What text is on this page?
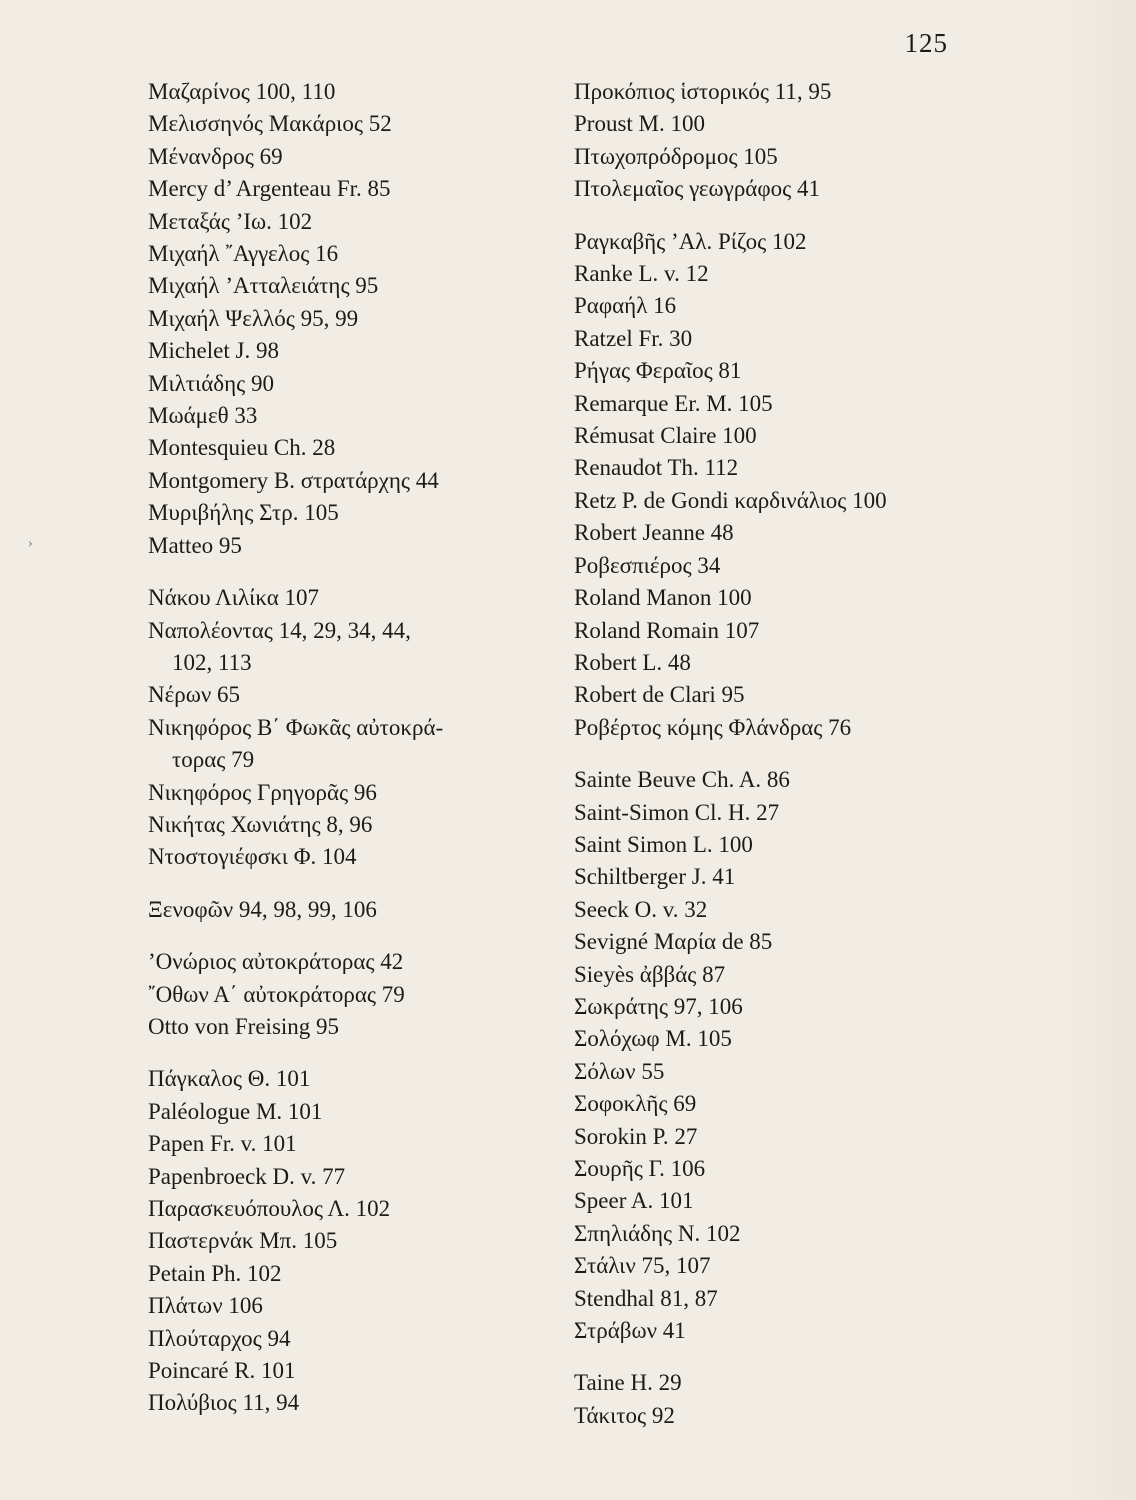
125
›
Μαζαρίνος 100, 110
Μελισσηνός Μακάριος 52
Μένανδρος 69
Mercy d’ Argenteau Fr. 85
Μεταξάς ’Ιω. 102
Μιχαήλ ῎Αγγελος 16
Μιχαήλ ’Ατταλειάτης 95
Μιχαήλ Ψελλός 95, 99
Michelet J. 98
Μιλτιάδης 90
Μωάμεθ 33
Montesquieu Ch. 28
Montgomery B. στρατάρχης 44
Μυριβήλης Στρ. 105
Matteo 95
Νάκου Λιλίκα 107
Ναπολέοντας 14, 29, 34, 44,
102, 113
Νέρων 65
Νικηφόρος Β΄ Φωκᾶς αὐτοκρά-
τορας 79
Νικηφόρος Γρηγορᾶς 96
Νικήτας Χωνιάτης 8, 96
Ντοστογιέφσκι Φ. 104
Ξενοφῶν 94, 98, 99, 106
’Ονώριος αὐτοκράτορας 42
῎Οθων Α΄ αὐτοκράτορας 79
Otto von Freising 95
Πάγκαλος Θ. 101
Paléologue M. 101
Papen Fr. v. 101
Papenbroeck D. v. 77
Παρασκευόπουλος Λ. 102
Παστερνάκ Μπ. 105
Petain Ph. 102
Πλάτων 106
Πλούταρχος 94
Poincaré R. 101
Πολύβιος 11, 94
Προκόπιος ἱστορικός 11, 95
Proust M. 100
Πτωχοπρόδρομος 105
Πτολεμαῖος γεωγράφος 41
Ραγκαβῆς ’Αλ. Ρίζος 102
Ranke L. v. 12
Ραφαήλ 16
Ratzel Fr. 30
Ρήγας Φεραῖος 81
Remarque Er. M. 105
Rémusat Claire 100
Renaudot Th. 112
Retz P. de Gondi καρδινάλιος 100
Robert Jeanne 48
Ροβεσπιέρος 34
Roland Manon 100
Roland Romain 107
Robert L. 48
Robert de Clari 95
Ροβέρτος κόμης Φλάνδρας 76
Sainte Beuve Ch. A. 86
Saint-Simon Cl. H. 27
Saint Simon L. 100
Schiltberger J. 41
Seeck O. v. 32
Sevigné Μαρία de 85
Sieyès ἀββάς 87
Σωκράτης 97, 106
Σολόχωφ Μ. 105
Σόλων 55
Σοφοκλῆς 69
Sorokin P. 27
Σουρῆς Γ. 106
Speer A. 101
Σπηλιάδης Ν. 102
Στάλιν 75, 107
Stendhal 81, 87
Στράβων 41
Taine H. 29
Τάκιτος 92
